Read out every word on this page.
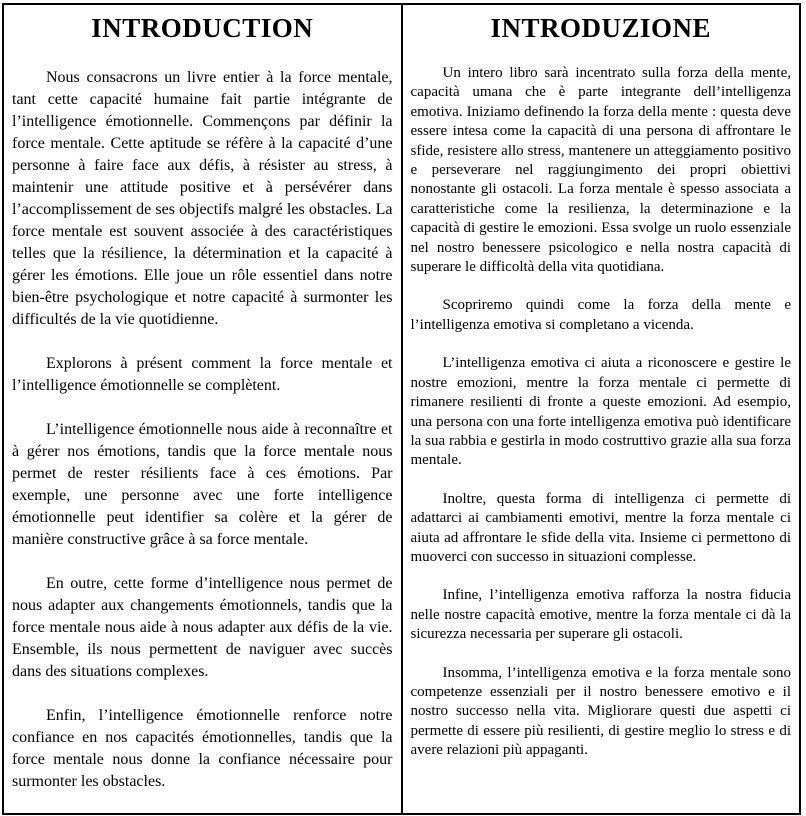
INTRODUCTION

Nous consacrons un livre entier à la force mentale, tant cette capacité humaine fait partie intégrante de l’intelligence émotionnelle. Commençons par définir la force mentale. Cette aptitude se réfère à la capacité d’une personne à faire face aux défis, à résister au stress, à maintenir une attitude positive et à persévérer dans l’accomplissement de ses objectifs malgré les obstacles. La force mentale est souvent associée à des caractéristiques telles que la résilience, la détermination et la capacité à gérer les émotions. Elle joue un rôle essentiel dans notre bien-être psychologique et notre capacité à surmonter les difficultés de la vie quotidienne.

Explorons à présent comment la force mentale et l’intelligence émotionnelle se complètent.

L’intelligence émotionnelle nous aide à reconnaître et à gérer nos émotions, tandis que la force mentale nous permet de rester résilients face à ces émotions. Par exemple, une personne avec une forte intelligence émotionnelle peut identifier sa colère et la gérer de manière constructive grâce à sa force mentale.

En outre, cette forme d’intelligence nous permet de nous adapter aux changements émotionnels, tandis que la force mentale nous aide à nous adapter aux défis de la vie. Ensemble, ils nous permettent de naviguer avec succès dans des situations complexes.

Enfin, l’intelligence émotionnelle renforce notre confiance en nos capacités émotionnelles, tandis que la force mentale nous donne la confiance nécessaire pour surmonter les obstacles.

INTRODUZIONE

Un intero libro sarà incentrato sulla forza della mente, capacità umana che è parte integrante dell’intelligenza emotiva. Iniziamo definendo la forza della mente : questa deve essere intesa come la capacità di una persona di affrontare le sfide, resistere allo stress, mantenere un atteggiamento positivo e perseverare nel raggiungimento dei propri obiettivi nonostante gli ostacoli. La forza mentale è spesso associata a caratteristiche come la resilienza, la determinazione e la capacità di gestire le emozioni. Essa svolge un ruolo essenziale nel nostro benessere psicologico e nella nostra capacità di superare le difficoltà della vita quotidiana.

Scopriremo quindi come la forza della mente e l’intelligenza emotiva si completano a vicenda.

L’intelligenza emotiva ci aiuta a riconoscere e gestire le nostre emozioni, mentre la forza mentale ci permette di rimanere resilienti di fronte a queste emozioni. Ad esempio, una persona con una forte intelligenza emotiva può identificare la sua rabbia e gestirla in modo costruttivo grazie alla sua forza mentale.

Inoltre, questa forma di intelligenza ci permette di adattarci ai cambiamenti emotivi, mentre la forza mentale ci aiuta ad affrontare le sfide della vita. Insieme ci permettono di muoverci con successo in situazioni complesse.

Infine, l’intelligenza emotiva rafforza la nostra fiducia nelle nostre capacità emotive, mentre la forza mentale ci dà la sicurezza necessaria per superare gli ostacoli.

Insomma, l’intelligenza emotiva e la forza mentale sono competenze essenziali per il nostro benessere emotivo e il nostro successo nella vita. Migliorare questi due aspetti ci permette di essere più resilienti, di gestire meglio lo stress e di avere relazioni più appaganti.
